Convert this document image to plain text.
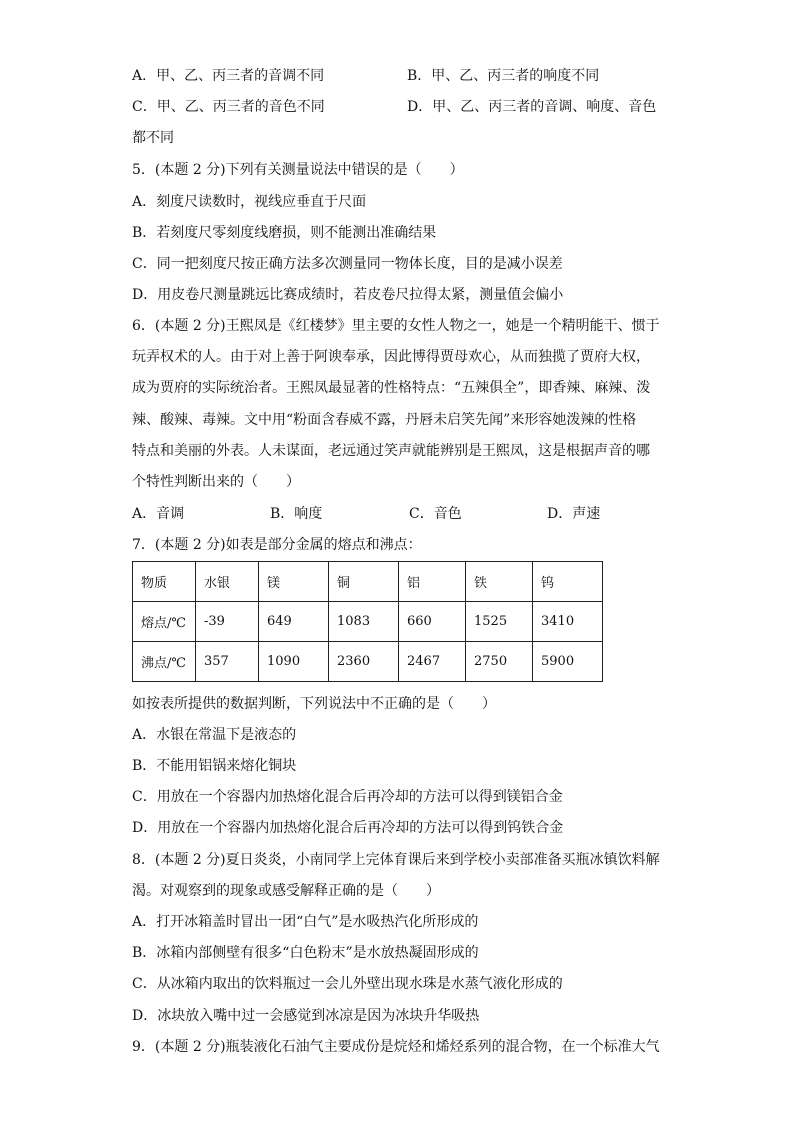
A．甲、乙、丙三者的音调不同	B．甲、乙、丙三者的响度不同
C．甲、乙、丙三者的音色不同	D．甲、乙、丙三者的音调、响度、音色
都不同
5．(本题 2 分)下列有关测量说法中错误的是（　　）
A．刻度尺读数时，视线应垂直于尺面
B．若刻度尺零刻度线磨损，则不能测出准确结果
C．同一把刻度尺按正确方法多次测量同一物体长度，目的是减小误差
D．用皮卷尺测量跳远比赛成绩时，若皮卷尺拉得太紧，测量值会偏小
6．(本题 2 分)王熙凤是《红楼梦》里主要的女性人物之一，她是一个精明能干、惯于
玩弄权术的人。由于对上善于阿谀奉承，因此博得贾母欢心，从而独揽了贾府大权，
成为贾府的实际统治者。王熙凤最显著的性格特点：“五辣俱全”，即香辣、麻辣、泼
辣、酸辣、毒辣。文中用“粉面含春威不露，丹唇未启笑先闻”来形容她泼辣的性格
特点和美丽的外表。人未谋面，老远通过笑声就能辨别是王熙凤，这是根据声音的哪
个特性判断出来的（　　）
A．音调	B．响度	C．音色	D．声速
7．(本题 2 分)如表是部分金属的熔点和沸点：
物质	水银	镁	铜	铝	铁	钨
熔点/℃	-39	649	1083	660	1525	3410
沸点/℃	357	1090	2360	2467	2750	5900
如按表所提供的数据判断，下列说法中不正确的是（　　）
A．水银在常温下是液态的
B．不能用铝锅来熔化铜块
C．用放在一个容器内加热熔化混合后再冷却的方法可以得到镁铝合金
D．用放在一个容器内加热熔化混合后再冷却的方法可以得到钨铁合金
8．(本题 2 分)夏日炎炎，小南同学上完体育课后来到学校小卖部准备买瓶冰镇饮料解
渴。对观察到的现象或感受解释正确的是（　　）
A．打开冰箱盖时冒出一团“白气”是水吸热汽化所形成的
B．冰箱内部侧壁有很多“白色粉末”是水放热凝固形成的
C．从冰箱内取出的饮料瓶过一会儿外壁出现水珠是水蒸气液化形成的
D．冰块放入嘴中过一会感觉到冰凉是因为冰块升华吸热
9．(本题 2 分)瓶装液化石油气主要成份是烷烃和烯烃系列的混合物，在一个标准大气
